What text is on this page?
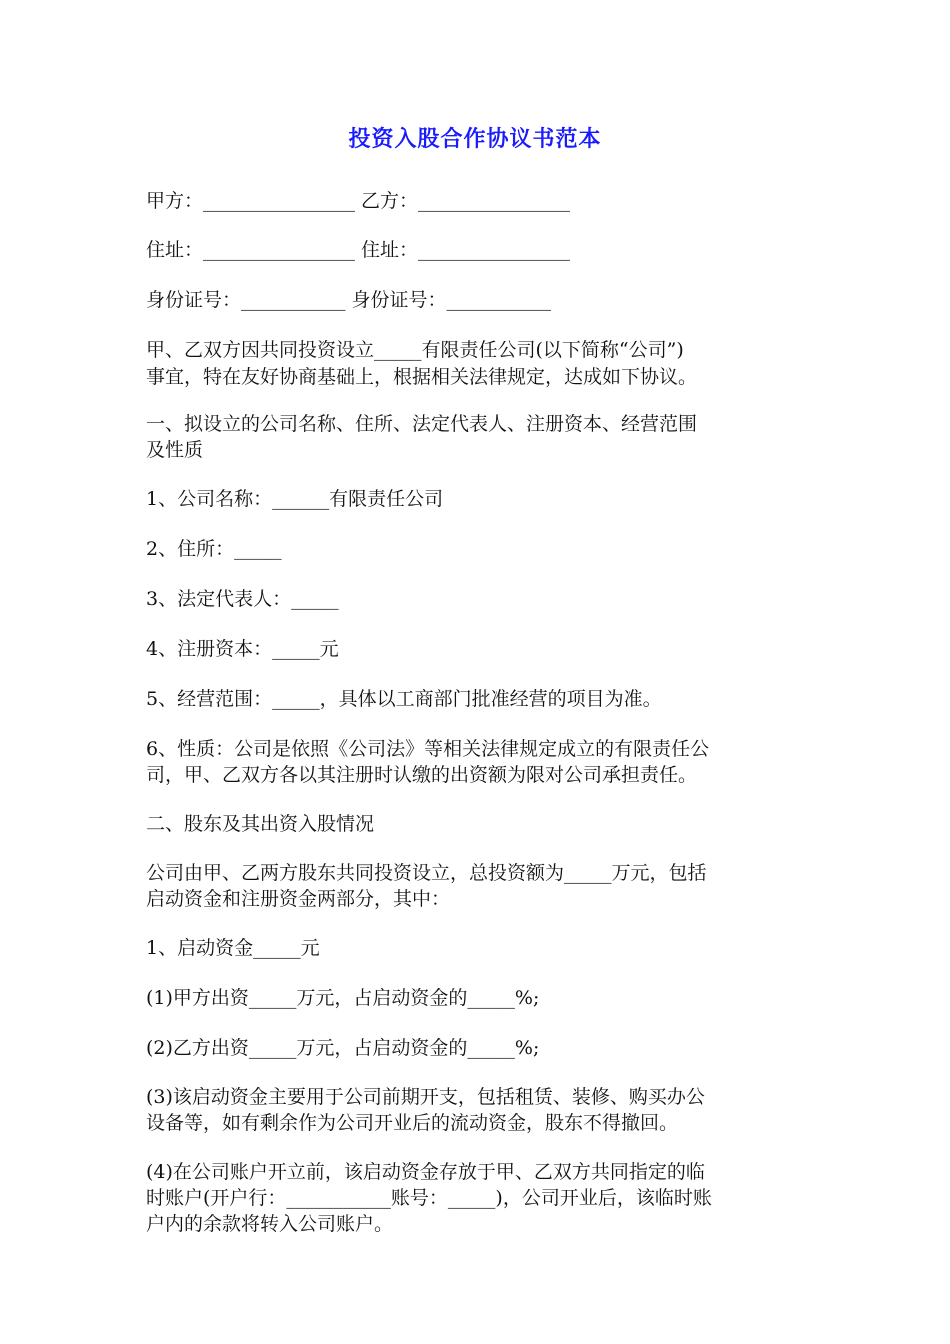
投资入股合作协议书范本
甲方：________________ 乙方：________________
住址：________________ 住址：________________
身份证号：___________ 身份证号：___________
甲、乙双方因共同投资设立_____有限责任公司(以下简称“公司”)
事宜，特在友好协商基础上，根据相关法律规定，达成如下协议。
一、拟设立的公司名称、住所、法定代表人、注册资本、经营范围
及性质
1、公司名称：______有限责任公司
2、住所：_____
3、法定代表人：_____
4、注册资本：_____元
5、经营范围：_____，具体以工商部门批准经营的项目为准。
6、性质：公司是依照《公司法》等相关法律规定成立的有限责任公
司，甲、乙双方各以其注册时认缴的出资额为限对公司承担责任。
二、股东及其出资入股情况
公司由甲、乙两方股东共同投资设立，总投资额为_____万元，包括
启动资金和注册资金两部分，其中：
1、启动资金_____元
(1)甲方出资_____万元，占启动资金的_____%;
(2)乙方出资_____万元，占启动资金的_____%;
(3)该启动资金主要用于公司前期开支，包括租赁、装修、购买办公
设备等，如有剩余作为公司开业后的流动资金，股东不得撤回。
(4)在公司账户开立前，该启动资金存放于甲、乙双方共同指定的临
时账户(开户行：___________账号：_____)，公司开业后，该临时账
户内的余款将转入公司账户。
